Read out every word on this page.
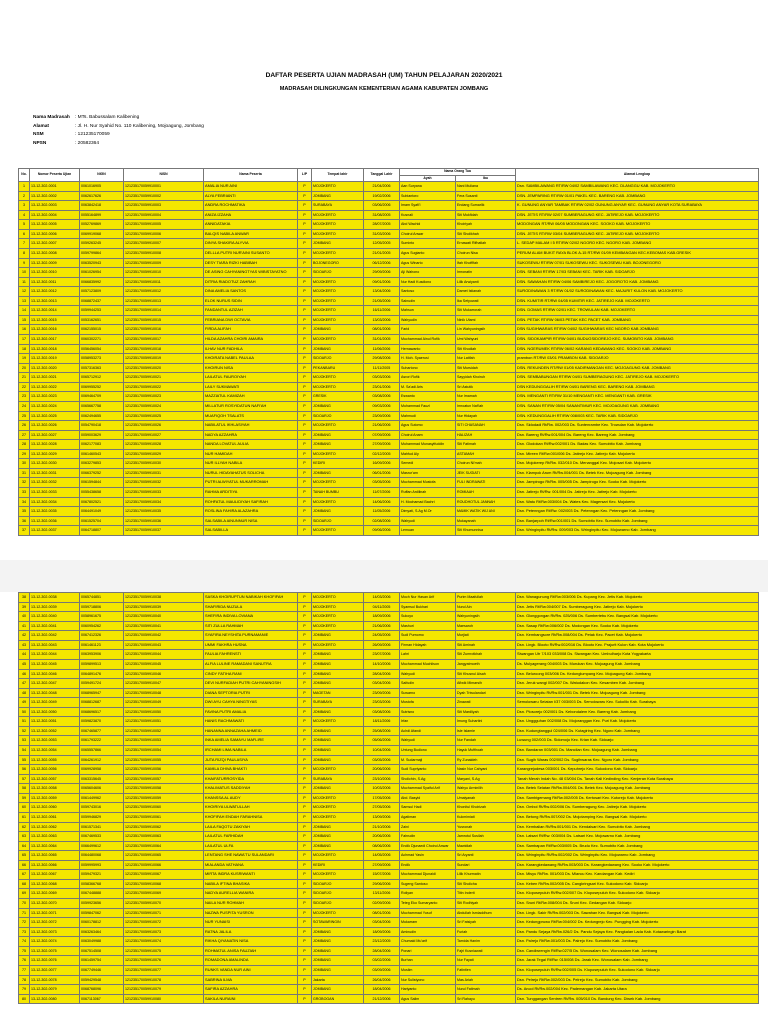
DAFTAR PESERTA UJIAN MADRASAH (UM) TAHUN PELAJARAN 2020/2021
MADRASAH DILINGKUNGAN KEMENTERIAN AGAMA KABUPATEN JOMBANG
Nama Madrasah	: MTs. Babussalam Kalibening
Alamat	: Jl. H. Nur Syahid No. 110 Kalibening, Mojoagung, Jombang
NSM	: 121235170059
NPSN	: 20582364
No.	Nomor Peserta Ujian	NIGN	NISN	Nama Peserta	L/P	Tempat lahir	Tanggal Lahir	Nama Orang Tua		Alamat Lengkap
								Ayah	Ibu	
1	13-12-302-0001	0061016905	121235170059910001	AMALIA NUR AINI	P	MOJOKERTO	21/04/2006	Aan Suryana	Nani Muliana	Dsn. SAMBILAWANG RT/RW 04/02 SAMBILAWANG KEC. DLANGGU KAB. MOJOKERTO
2	13-12-302-0002	0062617626	121235170059910002	ALYA FEBRIANTI	P	JOMBANG	19/02/2006	Subiantoro	Fera Susanti	DSN. JEMPARING RT/RW 01/01 PAKEL KEC. BARENG KAB. JOMBANG
3	13-12-302-0003	0063842418	121235170059910003	ANDRA ROCHMATIKA	P	SURABAYA	03/06/2006	Imam Syafi'i	Endang Sumarlik	K. GUNUNG ANYAR TAMBAK RT/RW 02/02 GUNUNG ANYAR KEC. GUNUNG ANYAR KOTA SURABAYA
4	13-12-302-0004	0055164899	121235170059910004	ANIZA IZZAHA	P	MOJOKERTO	31/08/2005	Kusnali	Siti Mukfidah	DSN. JETIS RT/RW 02/07 SUMBERAGUNG KEC. JATIREJO KAB. MOJOKERTO
5	13-12-302-0005	0052769869	121235170059910005	ANNIDATAKIA	P	MOJOKERTO	28/07/2005	Abd Wachid	Khoiriyah	MODONGAN RT/RW 06/05 MODONGAN KEC. SOOKO KAB. MOJOKERTO
6	13-12-302-0006	0069919068	121235170059910006	BALQIS NABILA ANWAR	P	MOJOKERTO	31/03/2006	Choirul Anwar	Siti Sholikhah	DSN. JETIS RT/RW 03/04 SUMBERAGUNG KEC. JATIREJO KAB. MOJOKERTO
7	13-12-302-0007	0059263245	121235170059910007	DINYA SHAKIRA ALYVIA	P	JOMBANG	12/05/2005	Suminto	Ernawati Rifhatlah	L. SEDAP MALAM I 5 RT/RW 02/02 NGORO KEC. NGORO KAB. JOMBANG
8	13-12-302-0008	0059799864	121235170059910008	DELLLA PUTRI NUR'AINI SUSANTO	P	MOJOKERTO	21/01/2005	Agus Sugianto	Choirun Nisa	PERUM ALAM BUKIT RAYA BLOK A-15 RT/RW 01/09 KEMBANGAN KEC.KEBOMAS KAB.GRESIK
9	13-12-302-0009	0063520943	121235170059910009	DESY TIARA RIZKI HABIBAH	P	BOJONEGORO	06/12/2006	Agus Winarto	Ifah Khoffifah	SUKOSEWU RT/RW 07/01 SUKOSEWU KEC. SUKOSEWU KAB. BOJONEGORO
10	13-12-302-0010	0061026954	121235170059910010	DE ASING CAHYANINGTYAS WIBISTAYATNO	P	SIDOARJO	29/09/2006	Aji Wahono	Imronatin	DSN. SEBANI RT/RW 17/03 SEBANI KEC. TARIK KAB. SIDOARJO
11	13-12-302-0011	0066835992	121235170059910011	DITRIA RIADOTUZ ZAHRAH	P	MOJOKERTO	09/01/2006	Nur Hadi Kusdiono	Lilik Arwiyanti	DSN. SAWAHAN RT/RW 04/06 SAMBIREJO KEC. JOGOROTO KAB. JOMBANG
12	13-12-302-0012	0057123809	121235170059910012	DINA AMELIA SANTOS	P	MOJOKERTO	13/04/2006	Santoso	Damet Istianah	SURODINAWAN 3 RT/RW 01/02 SURODINAWAN KEC. MAJURIT KULON KAB. MOJOKERTO
13	13-12-302-0013	0068872437	121235170059910013	ELOK NURUS SIDIN	P	MOJOKERTO	21/05/2006	Sainudin	Ika Setyowati	DSN. KUMITIR RT/RW 04/05 KUMITIR KEC. JATIREJO KAB. MOJOKERTO
14	13-12-302-0014	0059944253	121235170059910014	FANDANTUL AZIZAH	P	MOJOKERTO	16/11/2006	Mahsun	Siti Mukarrorah	DSN. DOMAS RT/RW 02/01 KEC. TROWULAN KAB. MOJOKERTO
15	13-12-302-0015	0053162651	121235170059910015	FEBRIANA DWI OCTAVIA	P	MOJOKERTO	13/03/2006	Wahyudin	Ninik Utami	DSN. PETAK RT/RW 06/03 PETAK KEC PACET KAB. JOMBANG
16	13-12-302-0016	0062155015	121235170059910016	FIRDA ALIFAH	P	JOMBANG	08/01/2006	Farid	Lin Wahyuningsih	DSN SUGIHWARAS RT/RW 04/02 SUGIHWARAS KEC NGORO KAB JOMBANG
17	13-12-302-0017	0060302271	121235170059910017	HILDA AZAHRA CHOIRI AMAIRA	P	MOJOKERTO	31/01/2005	Muchammad Ainul Rofik	Umi Wahyuni	DSN. SIDOKAMPIR RT/RW 04/01 BUDUGSIDOREJO KEC. SUMOBITO KAB. JOMBANG
18	13-12-302-0018	0056456054	121235170059910018	ILHAV NUR FADHILA	P	JOMBANG	11/06/2006	Hernawanto	Siti Khodiah	DSN. NGERUMEK RT/RW 06/02 KARANG KEDAWANG KEC. SOOKO KAB. JOMBANG
19	13-12-302-0019	0058953273	121235170059910019	KHOIRATA NABEL PAULAA	P	SIDOARJO	29/08/2006	H. Moh. Syaerusi	Nur Latifah	prambon RT/RW 03/01 PRAMBON KAB. SIDOARJO
20	13-12-302-0020	0057316363	121235170059910020	KHOIRUN NISA	P	PEKANBARU	11/11/2005	Suhartono	Siti Mursidah	DSN. REKUNDEN RT/RW 01/05 KADIRMANGAN KEC. MOJOAGUNG KAB. JOMBANG
21	13-12-302-0021	0065712912	121235170059910021	LAILATUL FAUROIYAH	P	MOJOKERTO	03/03/2006	Asrori Rofik	Sayyidah Khoiruh	DSN. SEMBABUNGAN RT/RW 04/01 SUMBERAGUNG KEC. JATIREJO KAB. MOJOKERTO
22	13-12-302-0022	0069955252	121235170059910022	LAILY SUKMAWATI	P	MOJOKERTO	23/01/2006	M. Sa'adi Aris	Sri Astutik	DSN KEDUNGGALIH RT/RW 04/01 BARENG KEC. BARENG KAB. JOMBANG
23	13-12-302-0023	0069464709	121235170059910023	MAZZIATUL KAMIZAH	P	GRESIK	03/08/2006	Eswanto	Nur Imamah	DSN. MENGANTI RT/RW 31/10 MENGANTI KEC. MENGANTI KAB. GRESIK
24	13-12-302-0024	0065667758	121235170059910024	MILLATUR ROSYIDATUN NAFI'AH	P	JOMBANG	09/03/2006	Muhammad Fauzi	Imroatun Naf'iah	DSN. SANAN RT/RW 05/04 SANANTIMUR KEC. MOJOAGUNG KAB. JOMBANG
25	13-12-302-0025	0062494655	121235170059910025	MUAFIQOH TSALATS	P	SIDOARJO	23/09/2006	Mahmudi	Nur Hidayah	DSN. KEDUNGGALIH RT/RW 008/003 KEC. TARIK KAB. SIDOARJO
26	13-12-302-0026	0054790418	121235170059910026	NABILATUL IKHLASIYAH	P	MOJOKERTO	21/06/2006	Agus Sutomo	SITI CHASANAH	Dsn. Sidodadi Rt/Rw. 002/003 Ds. Suntenrambe Kec. Trowulan Kab. Mojokerto
27	13-12-302-0027	0059003629	121235170059910027	NADYA AZZAHRA	P	JOMBANG	07/09/2006	Choirul Anam	HALIZAH	Dsn. Bareng Rt/Rw.001/004 Ds. Bareng Kec. Bareng Kab. Jombang
28	13-12-302-0028	0062177083	121235170059910028	NANDA LOVATUL AULIA	P	JOMBANG	27/09/2006	Muhammad Munasyifuddin	Siti Fatimah	Dsn. Glodokan Rt/Rw.002/001 Ds. Badas Kec. Sumobito Kab. Jombang
29	13-12-302-0029	0061460543	121235170059910029	NUR HAMIDAH	P	MOJOKERTO	02/12/2005	Mahfud Aly	ASTAMAH	Dsn. Mireen Rt/Rw.001/006 Ds. Jatirejo Kec. Jatirejo Kab. Mojokerto
30	13-12-302-0030	0063279853	121235170059910030	NUR ILLYAH NABILA	P	KEDIRI	16/09/2006	Semedi	Choirun Ni'mah	Dsn. Mojokerep Rt/Rw. 032/010 Ds. Menanggal Kec. Mojosari Kab. Mojokerto
31	13-12-302-0031	0066379252	121235170059910031	NURUL HIDAYAHATUS SOLICHA	P	JOMBANG	06/01/2006	Masrur'am	JEIK SUGIATI	Dsn. Klampok Arum Rt/Rw.004/001 Ds. Betek Kec. Mojoagung Kab. Jombang
32	13-12-302-0032	0061594844	121235170059910032	PUTRI ALWIYATUL MUKARROMAH	P	MOJOKERTO	03/05/2006	Muchammad Mustofa	FULI INDRAWATI	Dsn. Jampirogo Rt/Rw. 005/005 Ds. Jampirogo Kec. Sooko Kab. Mojokerto
33	13-12-302-0033	0055438658	121235170059910033	RAHMA ARDITIYA	P	TANAH BUMBU	11/07/2006	Ruffan Ardilinah	ROMIAAH	Dsn. Jatirejo Rt/Rw. 001/004 Ds. Jatirejo Kec. Jatirejo Kab. Mojokerto
34	13-12-302-0034	0067802521	121235170059910034	ROHFATUL MAULIDIYAH SAFIRAH	P	MOJOKERTO	14/06/2006	H. Mochamad Bachri	ROUDHOTUL JANNAH	Dsn. Watu Rt/Rw.003/004 Ds. Wates Kec. Magersari Kec. Mojokerto
35	13-12-302-0035	0064491049	121235170059910035	ROSLINA FAHIRA ALAZAHRA	P	JOMBANG	11/05/2006	Dimyati, S.Ag M.Or	MAMIK WATIK WIJ ANI	Dsn. Petenngan Rt/Rw. 002/003 Ds. Petenngan Kec. Petenngan Kab. Jombang
36	13-12-302-0036	0061525704	121235170059910036	SALSABILA AINUNNUR NISA	P	SIDOARJO	02/08/2006	Wahyudi	Mukayanah	Dsn. Banjarpoh Rt/Rw.001/001 Ds. Sumobito Kec. Sumobito Kab. Jombang
37	13-12-302-0037	0064718807	121235170059910037	SALSABILLA	P	MOJOKERTO	09/06/2006	Lemuan	Siti Khumunnisa	Dsn. Wringinpitu Rt/Rw. 009/003 Ds. Wringinpitu Kec. Mojowarno Kab. Jombang
38	13-12-302-0038	0065744851	121235170059910038	SASKA KHOIRUPTUN NABIKAH KHOFIFAH	P	MOJOKERTO	14/03/2006	Moch Nur Hasan Arif	Purim Maafullah	Dsn. Wanagunung Rt/Rw.003/006 Ds. Kupang Kec. Jetis Kab. Mojokerto
39	13-12-302-0039	0059718806	121235170059910039	SHAFIRIDA NUZULA	P	MOJOKERTO	04/11/2005	Syamsul Bukhari	Nurul Ain	Dsn. Jetis Rt/Rw.004/007 Ds. Sumberagung Kec. Jatirejo Kab. Mojokerto
40	13-12-302-0040	0058961675	121235170059910040	SHEFIRA INDIVA LOVIANA	P	MOJOKERTO	18/09/2006	Sukoyo	Wahyuningsih	Dsn. Glonggongan Rt/Rw. 025/006 Ds. Sumbertebu Kec. Bangsal Kab. Mojokerto
41	13-12-302-0041	0060954262	121235170059910041	SITI ZULLA RAHMAH	P	MOJOKERTO	21/06/2006	Mashuri	Maesaroh	Dsn. Sasap Rt/Rw.006/002 Ds. Modongan Kec. Sooko Kab. Mojokerto
42	13-12-302-0042	0067412326	121235170059910042	SYAFIRA NEYSHITA PURNAMANIE	P	JOMBANG	24/05/2006	Sudi Purnomo	Murjiati	Dsn. Kembangsore Rt/Rw.008/004 Ds. Petak Kec. Pacet Kab. Mojokerto
43	13-12-302-0043	0061461123	121235170059910043	UMMI FAKHRA HUSNA	P	MOJOKERTO	26/09/2006	Firman Hidayah	Siti Aminah	Dsn. Lingk. Blooto Rt/Rw.002/016 Ds. Blooto Kec. Prajurit Kulon Kab. Kota Mojokerto
44	13-12-302-0044	0063953906	121235170059910044	FAULIA FAHRENSTI	P	JOMBANG	23/07/2006	Lahri	Siti Zumrotkhah	Siwangan Utr 7/103 033/008 Ds. Siwangan Kec. Umbulharjo Kota Yogyakarta
45	13-12-302-0045	0059899513	121235170059910045	ALFIA LULINE RAMADANI SANUTRA	P	JOMBANG	14/10/2006	Muchammad Muchlison	Jangyatmoeth	Ds. Mulyagerang 004/003 Ds. Murukan Kec. Mojoagung Kab. Jombang
46	13-12-302-0046	0064891476	121235170059910046	CINDY FATIHA RANI	P	JOMBANG	28/04/2006	Wahyudi	Siti Khusnul Aisah	Dsn. Beluroong 003/006 Ds. Kedunglumpang Kec. Mojoagung Kab. Jombang
47	13-12-302-0047	0059491724	121235170059910047	DEVI NURFADIAH PUTRI CAHYANINGSIH	P	JOMBANG	03/04/2006	Saifudin	Afiwik Mimarsih	Dsn. Jeruk wangi 002/007 Ds. Watudakon Kec. Kesamben Kab. Jombang
48	13-12-302-0048	0068965947	121235170059910048	DIANA SEPTORIA PUTRI	P	MAGETAN	23/09/2006	Suwarno	Dyah Triwulandari	Dsn. Wringinpitu Rt/Rw.001/001 Ds. Betek Kec. Mojoagung Kab. Jombang
49	13-12-302-0049	0068812687	121235170059910049	DWI AYU CAHYA NINGTIYAS	P	SURABAYA	23/03/2006	Mustofa	Zinawati	Semolowaru Selatan I/37 003/003 Ds. Semolowaru Kec. Sukolilo Kab. Surabaya
50	13-12-302-0050	0068696517	121235170059910050	FAVINA PUTRI AMALIA	P	JOMBANG	03/08/2006	Sutrisno	Siti Mardliyah	Dsn. Plosorejo 002/001 Ds. Kebondalem Kec. Bareng Kab. Jombang
51	13-12-302-0051	0059823870	121235170059910051	HANIS RACHMAWATI	P	MOJOKERTO	18/11/2006	Irfan	Imung Suhartini	Dsn. Unggguhan 002/008 Ds. Mojoranggan Kec. Puri Kab. Mojokerto
52	13-12-302-0052	0067465877	121235170059910052	HANANNA ANNAZAHA AHMEID	P	JOMBANG	25/08/2006	Achdi Afandi	Isle Islamie	Dsn. Kudungtanggul 024/006 Ds. Kutagiring Kec. Ngoro Kab. Jombang
53	13-12-302-0053	0061793222	121235170059910053	INKA AMELIA SAMAYU MAFLIRE	P	JOMBANG	05/06/2006	Wahyudi	Nur Fandah	Luwung 002/003 Ds. Sidomojo Kec. Krian Kab. Sidoarjo
54	13-12-302-0054	0065557866	121235170059910054	IRCHAMI LIMA NABILA	P	JOMBANG	10/04/2006	Untung Budiono	Hayuk Mufthoah	Dsn. Bandaran 003/001 Ds. Mancilan Kec. Mojoagung Kab. Jombang
55	13-12-302-0055	0064261912	121235170059910055	JUTA RIZQI PAULASIYA	P	JOMBANG	03/05/2006	M. Sudarmaji	Ry Zunaideh	Dsn. Sugih Waras 002/002 Ds. Sugihwaras Kec. Ngoro Kab. Jombang
56	13-12-302-0056	0069928958	121235170059910056	KAMILA DHIVA BHAKTI	P	MOJOKERTO	20/06/2006	Sudi Supriyanto	Nasin Nur Cahyani	Karangrejodesa 003/001 Ds. Kepuhrejo Kec. Sukodono Kab. Sidoarjo
57	13-12-302-0057	0063315645	121235170059910057	KHAIFATURROSYIDA	P	SURABAYA	23/10/2006	Sholichin, S.Ag	Maryani, S.Ag	Tanah Merah Indah No. 48 03/004 Ds. Tanah Kali Kedinding Kec. Kenjeran Kota Surabaya
58	13-12-302-0058	0065604606	121235170059910058	KHALIMATUS SADDIYAH	P	JOMBANG	10/03/2006	Muchammad Syaiful Arif	Wahyu Arminilih	Dsn. Betek Selatan Rt/Rw.004/001 Ds. Betek Kec. Mojoagung Kab. Jombang
59	13-12-302-0059	0061449962	121235170059910059	KHANSSA AL AUDY	P	MOJOKERTO	17/05/2006	Abd. Basyid	Umaiyanah	Dsn. Sambigemang Rt/Rw.002/005 Ds. Kertosari Kec. Kutorejo Kab. Mojokerto
60	13-12-302-0060	0059743016	121235170059910060	KHOIRIYA ULWATULLAH	P	MOJOKERTO	27/05/2006	Samsul Hadi	Khonitul Khoirizah	Dsn. Ombol Rt/Rw.002/006 Ds. Sumberagung Kec. Jatirejo Kab. Mojokerto
61	13-12-302-0061	0059946829	121235170059910061	KHOFIFAH ENDAH FARAHNISA	P	MOJOKERTO	13/09/2006	Agatiman	Kukmimiati	Dsn. Betong Rt/Rw.007/002 Ds. Mojotamping Kec. Bangsal Kab. Mojokerto
62	13-12-302-0062	0061571341	121235170059910062	LAILA FAQOTU ZAKIYAH	P	JOMBANG	21/10/2006	Zaini	Yusronah	Dsn. Kembalian Rt/Rw.001/001 Ds. Kendalsari Kec. Sumobito Kab. Jombang
63	13-12-302-0063	0067469533	121235170059910063	LAILATUL FARHIDAH	P	JOMBANG	20/06/2006	Fahrudin	Jamrotul Susilah	Dsn. Latsari Rt/Rw. 003/004 Ds. Latsari Kec. Mojowarno Kab. Jombang
64	13-12-302-0064	0066499612	121235170059910064	LAILATUL ULFA	P	JOMBANG	08/06/2006	Endik Djunaedi Choirul Anwar	Mawidiah	Dsn. Sambapan Rt/Rw.003/005 Ds. Brudu Kec. Sumobito Kab. Jombang
65	13-12-302-0065	0064480068	121235170059910065	LENTANG SHE NAWA'TU SULANDARI	P	MOJOKERTO	14/05/2006	Achmad Yasin	Sri Aryanti	Dsn. Wringinpitu Rt/Rw.002/002 Ds. Wringinpitu Kec. Mojowarno Kab. Jombang
66	13-12-302-0066	0059995993	121235170059910066	MIALANDA VATHANA	P	KEDIRI	27/09/2006	Endik	Sundari	Dsn. Karangkedawang Rt/Rw.003/003 Ds. Karangkedawang Kec. Sooko Kab. Mojokerto
67	13-12-302-0067	0059479321	121235170059910067	MIRTA INDRA KUSRIWANTI	P	MOJOKERTO	15/07/2006	Muchammad Djunaidi	Lilik Khurmatin	Dsn. Misyu Rt/Rw. 001/003 Ds. Mlancu Kec. Kandangan Kab. Kediri
68	13-12-302-0068	0058366768	121235170059910068	NABILA IFTINA BHASIKA	P	SIDOARJO	29/06/2006	Sugeng Santoso	Siti Sholicha	Dsn. Keben Rt/Rw.002/005 Ds. Cangkringsari Kec. Sukodono Kab. Sidoarjo
69	13-12-302-0069	0067448888	121235170059910069	NADYA AURELLIA WANIRA	P	SIDOARJO	13/11/2006	Roliyan	Titin Inderti	Dsn. Kloposepuluh Rt/Rw.002/007 Ds. Kloposepuluh Kec. Sukodono Kab. Sidoarjo
70	13-12-302-0070	0059923656	121235170059910070	NAILA NUR ROHMAH	P	SIDOARJO	02/09/2006	Teteg Eko Sumaryanto	Siti Rodhiyah	Dsn. Sruni Rt/Rw.008/004 Ds. Sruni Kec. Gedangan Kab. Sidoarjo
71	13-12-302-0071	0059847062	121235170059910071	NAZWA PUSPITA YUSRON	P	MOJOKERTO	08/01/2006	Muchammad Yusuf	Abdullah Ismiaddhum	Dsn. Lingk. Sakir Rt/Rw.002/003 Ds. Sawahan Kec. Bangsal Kab. Mojokerto
72	13-12-302-0072	0060178812	121235170059910072	NUR YUNAISI	P	SOTAWARINGIN	03/04/2006	Mukarram	Sri Fatsiyah	Dsn. Kedungpruwo Rt/Rw.004/002 Ds. Kedungrejo Kec. Pungging Kab. Mojokerto
73	13-12-302-0073	0063263464	121235170059910073	RATNA JALILA	P	JOMBANG	18/09/2006	Aminudin	Furiah	Dsn. Pandu Sejaya Rt/Rw.026/2 Ds. Pandu Sejaya Kec. Pangkalan Lada Kab. Kotawaringin Barat
74	13-12-302-0074	0063049988	121235170059910074	RIKHA QIYANATIN NISA	P	JOMBANG	23/12/2005	Chumaid Mu'arif	Tamida Hanim	Dsn. Palrejo Rt/Rw.001/003 Ds. Palrejo Kec. Sumobito Kab. Jombang
75	13-12-302-0075	0067514508	121235170059910075	ROHMATUL ANISA FAUZIAH	P	JOMBANG	28/04/2006	Ponari	Fajri Kusniawati	Dsn. Candiwrengin Rt/Rw.027/5 Ds. Wonosalam Kec. Wonosalam Kab. Jombang
76	13-12-302-0076	0061459754	121235170059910076	ROMADONA AMALINDA	P	JOMBANG	03/02/2006	Burhan	Nur Fayati	Dsn. Jarak Tegal Rt/Rw. 015/008 Ds. Jarak Kec. Wonosalam Kab. Jombang
77	13-12-302-0077	0067749446	121235170059910077	RUNKS VANDA NUR AINI	P	JOMBANG	03/09/2006	Muslim	Fatintien	Dsn. Kloposepuluh Rt/Rw.002/005 Ds. Kloposepuluh Kec. Sukodono Kab. Sidoarjo
78	13-12-302-0078	0059429548	121235170059910078	SABRINA ILMA	P	Jakarta	26/04/2006	Nur Sulistyono	Mas Ariah	Dsn. Pelrejo Rt/Rw.002/003 Ds. Pelrejo Kec. Sumobito Kab. Jombang
79	13-12-302-0079	0068768096	121235170059910079	SAFIRA AZZAHRA	P	JOMBANG	18/04/2006	Hariyanto	Nurul Fatimah	Ds. Ancol Rt/Rw.002/004 Kec. Pademangan Kab. Jakarta Utara
80	13-12-302-0080	0067113067	121235170059910080	SAKILA NURAINI	P	GROBOGAN	21/12/2006	Agus Salim	Sri Rahayu	Dsn. Tunggangan Sentren Rt/Rw. 005/010 Ds. Bandung Kec. Diwek Kab. Jombang
